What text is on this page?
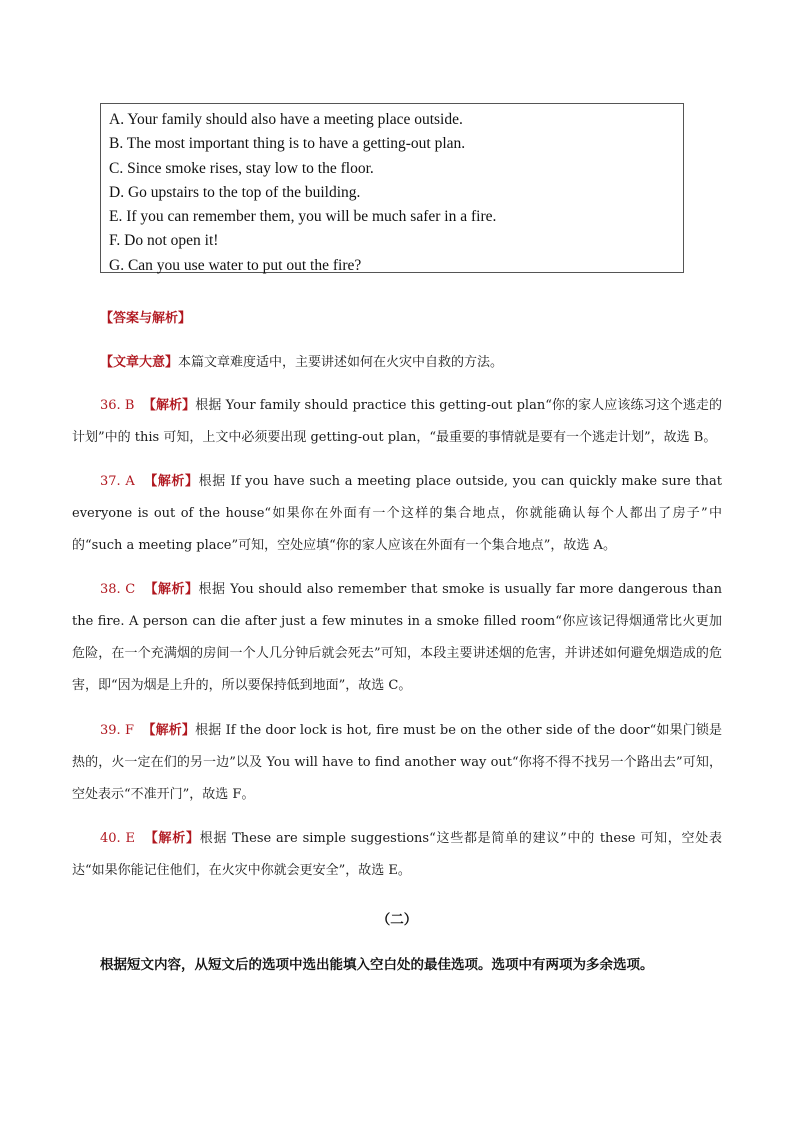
A. Your family should also have a meeting place outside.
B. The most important thing is to have a getting-out plan.
C. Since smoke rises, stay low to the floor.
D. Go upstairs to the top of the building.
E. If you can remember them, you will be much safer in a fire.
F. Do not open it!
G. Can you use water to put out the fire?
【答案与解析】
【文章大意】本篇文章难度适中，主要讲述如何在火灾中自救的方法。
36. B 【解析】根据 Your family should practice this getting-out plan“你的家人应该练习这个逃走的计划”中的 this 可知，上文中必须要出现 getting-out plan，“最重要的事情就是要有一个逃走计划”，故选 B。
37. A 【解析】根据 If you have such a meeting place outside, you can quickly make sure that everyone is out of the house“如果你在外面有一个这样的集合地点，你就能确认每个人都出了房子”中的“such a meeting place”可知，空处应填“你的家人应该在外面有一个集合地点”，故选 A。
38. C 【解析】根据 You should also remember that smoke is usually far more dangerous than the fire. A person can die after just a few minutes in a smoke filled room“你应该记得烟通常比火更加危险，在一个充满烟的房间一个人几分钟后就会死去”可知，本段主要讲述烟的危害，并讲述如何避免烟造成的危害，即“因为烟是上升的，所以要保持低到地面”，故选 C。
39. F 【解析】根据 If the door lock is hot, fire must be on the other side of the door“如果门锁是热的，火一定在们的另一边”以及 You will have to find another way out“你将不得不找另一个路出去”可知，空处表示“不准开门”，故选 F。
40. E 【解析】根据 These are simple suggestions“这些都是简单的建议”中的 these 可知，空处表达“如果你能记住他们，在火灾中你就会更安全”，故选 E。
（二）
根据短文内容，从短文后的选项中选出能填入空白处的最佳选项。选项中有两项为多余选项。
